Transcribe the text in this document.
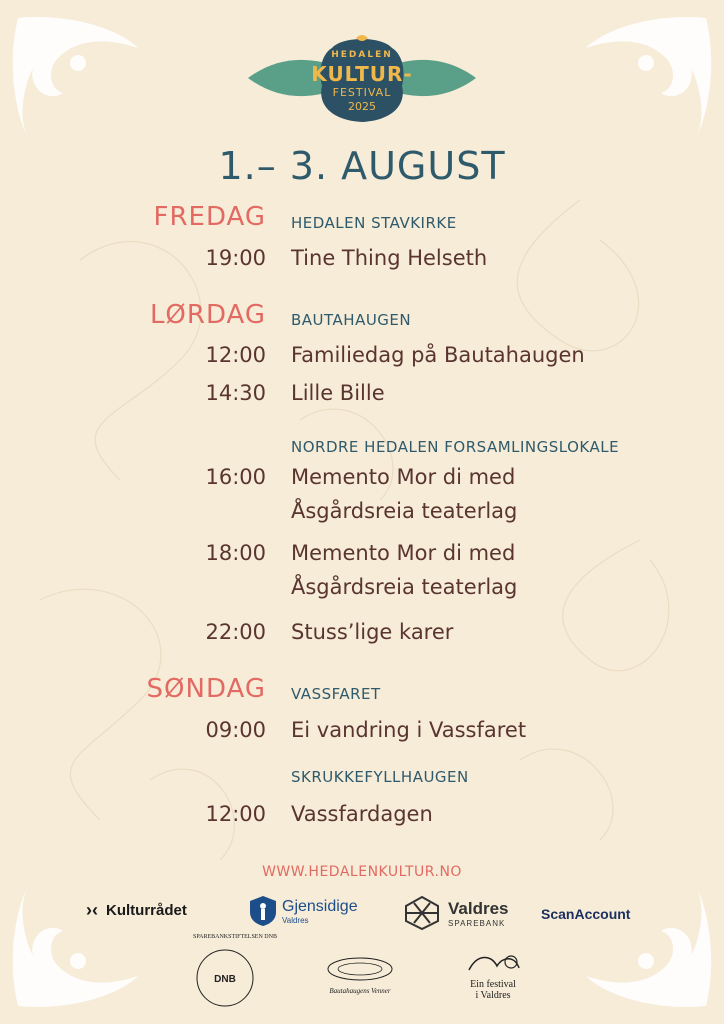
HEDALEN
KULTUR-
FESTIVAL
2025
1.– 3. AUGUST
FREDAG HEDALEN STAVKIRKE
19:00 Tine Thing Helseth
LØRDAG BAUTAHAUGEN
12:00 Familiedag på Bautahaugen
14:30 Lille Bille
NORDRE HEDALEN FORSAMLINGSLOKALE
16:00 Memento Mor di med
Åsgårdsreia teaterlag
18:00 Memento Mor di med
Åsgårdsreia teaterlag
22:00 Stuss’lige karer
SØNDAG VASSFARET
09:00 Ei vandring i Vassfaret
SKRUKKEFYLLHAUGEN
12:00 Vassfardagen
WWW.HEDALENKULTUR.NO
›‹ Kulturrådet	Gjensidige
Valdres
Valdres
SPAREBANK
ScanAccount
DNB
SPAREBANKSTIFTELSEN DNB
Bautahaugens Venner
Ein festival
i Valdres
